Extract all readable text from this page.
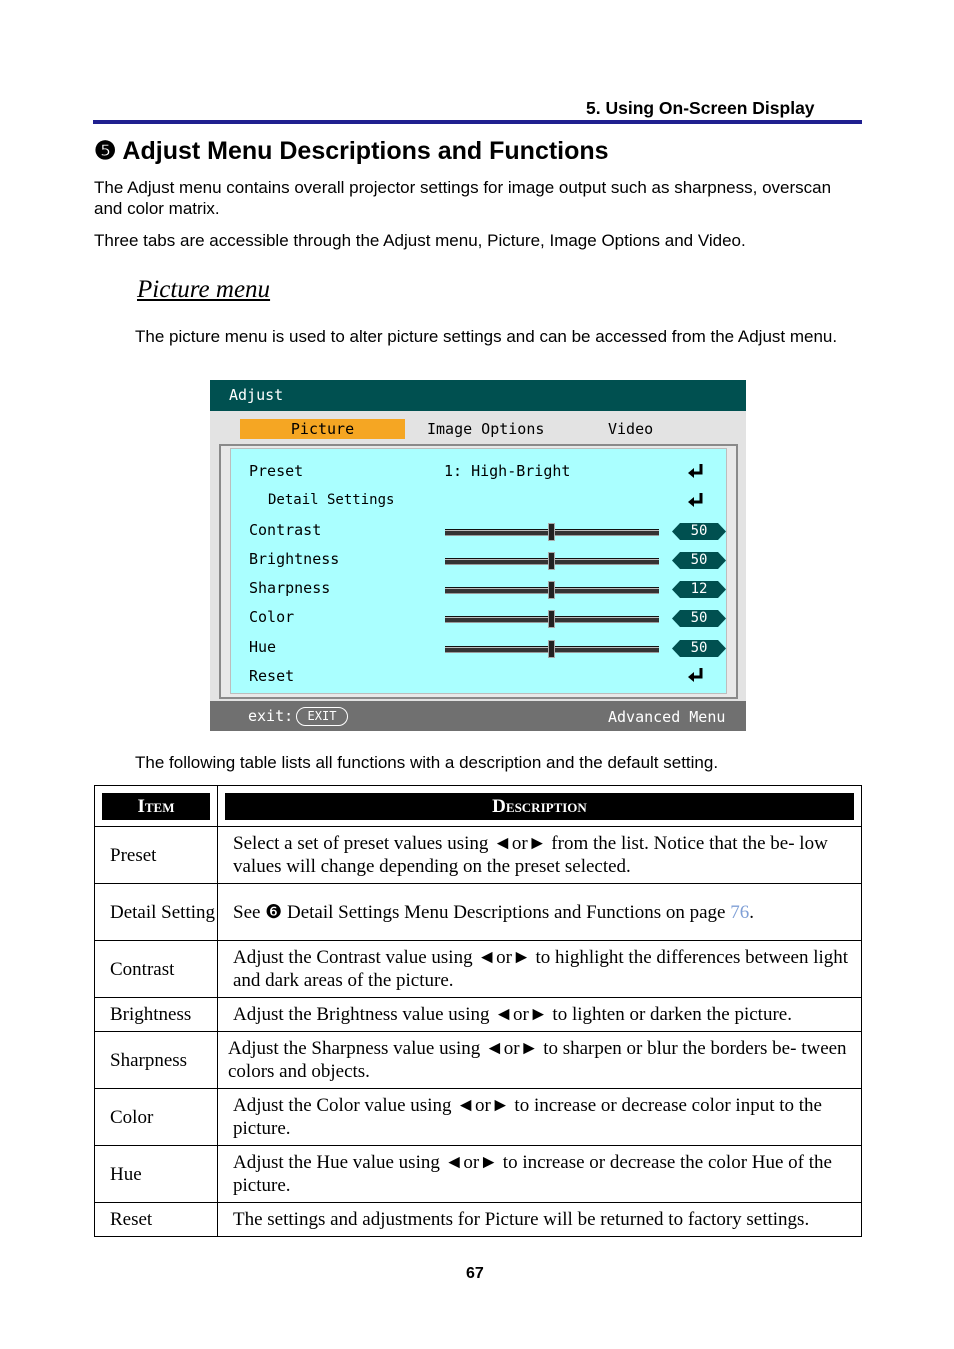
5. Using On-Screen Display
❺ Adjust Menu Descriptions and Functions
The Adjust menu contains overall projector settings for image output such as sharpness, overscan and color matrix.
Three tabs are accessible through the Adjust menu, Picture, Image Options and Video.
Picture menu
The picture menu is used to alter picture settings and can be accessed from the Adjust menu.
Adjust
Picture	Image Options	Video
Preset	1: High-Bright
Detail Settings
Contrast	50
Brightness	50
Sharpness	12
Color	50
Hue	50
Reset
exit:	EXIT	Advanced Menu
The following table lists all functions with a description and the default setting.
Item	Description

Preset	Select a set of preset values using ◄or► from the list. Notice that the be- low values will change depending on the preset selected.
Detail Setting	See ❻ Detail Settings Menu Descriptions and Functions on page 76.
Contrast	Adjust the Contrast value using ◄or► to highlight the differences between light and dark areas of the picture.
Brightness	Adjust the Brightness value using ◄or► to lighten or darken the picture.
Sharpness	Adjust the Sharpness value using ◄or► to sharpen or blur the borders be- tween colors and objects.
Color	Adjust the Color value using ◄or► to increase or decrease color input to the picture.
Hue	Adjust the Hue value using ◄or► to increase or decrease the color Hue of the picture.
Reset	The settings and adjustments for Picture will be returned to factory settings.
67
